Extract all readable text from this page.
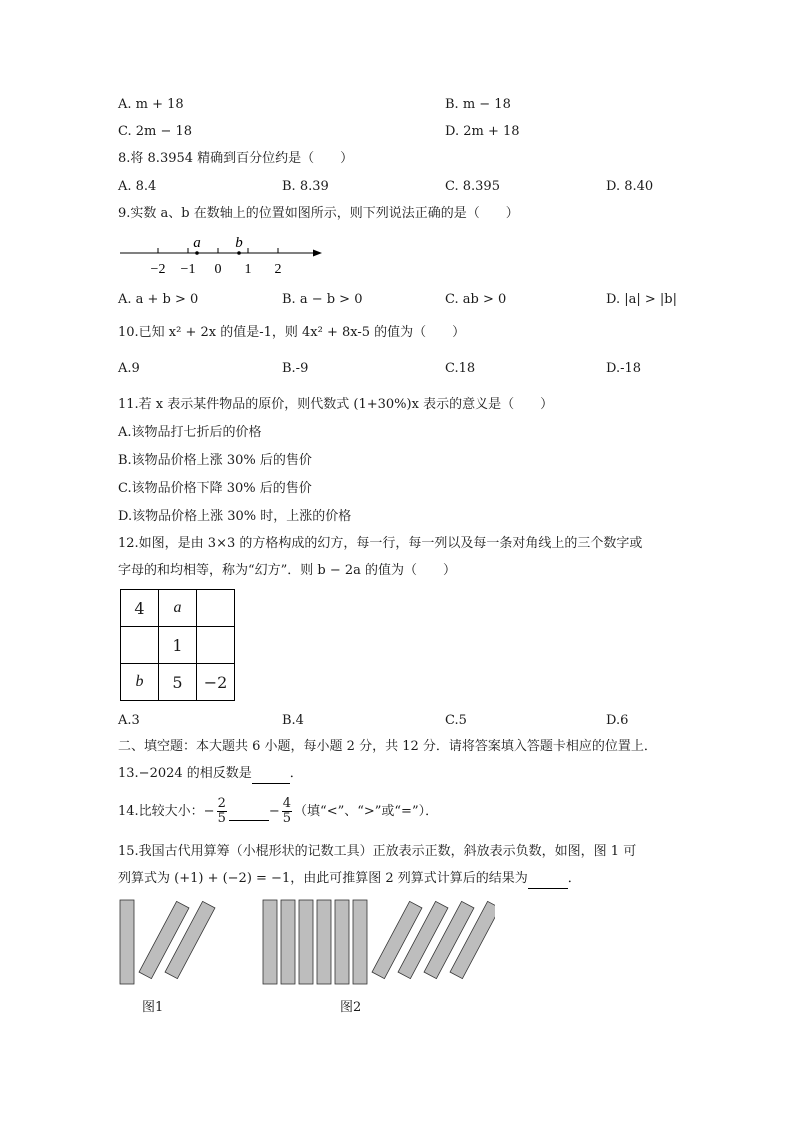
A. m + 18	B. m − 18
C. 2m − 18	D. 2m + 18
8.将 8.3954 精确到百分位约是（　　）
A. 8.4	B. 8.39	C. 8.395	D. 8.40
9.实数 a、b 在数轴上的位置如图所示，则下列说法正确的是（　　）
−2 −1 0 1 2
a b
A. a + b > 0	B. a − b > 0	C. ab > 0	D. |a| > |b|
10.已知 x² + 2x 的值是-1，则 4x² + 8x-5 的值为（　　）
A.9	B.-9	C.18	D.-18
11.若 x 表示某件物品的原价，则代数式 (1+30%)x 表示的意义是（　　）
A.该物品打七折后的价格
B.该物品价格上涨 30% 后的售价
C.该物品价格下降 30% 后的售价
D.该物品价格上涨 30% 时，上涨的价格
12.如图，是由 3×3 的方格构成的幻方，每一行，每一列以及每一条对角线上的三个数字或
字母的和均相等，称为“幻方”．则 b − 2a 的值为（　　）
4	a	
	1	
b	5	−2
A.3	B.4	C.5	D.6
二、填空题：本大题共 6 小题，每小题 2 分，共 12 分．请将答案填入答题卡相应的位置上．
13.−2024 的相反数是	．
14.比较大小：− $\frac{2}{5}$	− $\frac{4}{5}$ （填“<”、“>”或“=”）．
15.我国古代用算筹（小棍形状的记数工具）正放表示正数，斜放表示负数，如图，图 1 可
列算式为 (+1) + (−2) = −1，由此可推算图 2 列算式计算后的结果为	．
图1	图2
